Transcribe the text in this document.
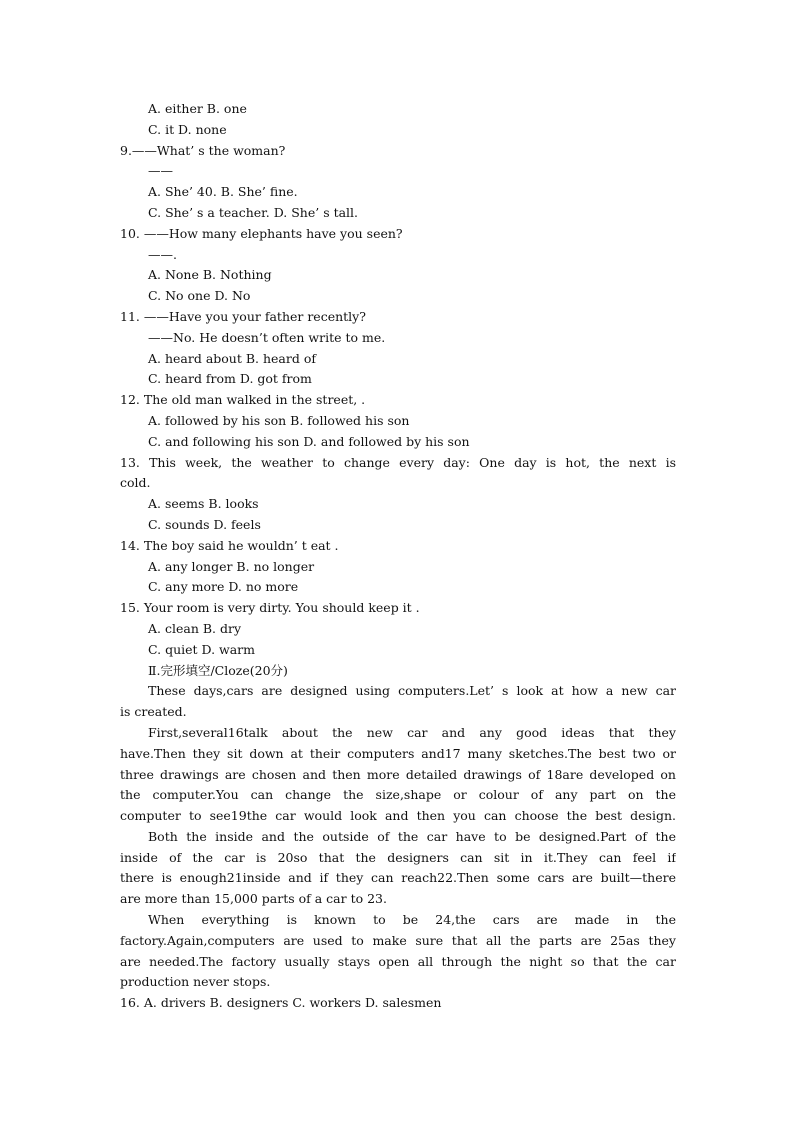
A. either B. one
C. it D. none
9.——What’ s the woman?
——
A. She’ 40. B. She’ fine.
C. She’ s a teacher. D. She’ s tall.
10. ——How many elephants have you seen?
——.
A. None B. Nothing
C. No one D. No
11. ——Have you your father recently?
——No. He doesn’t often write to me.
A. heard about B. heard of
C. heard from D. got from
12. The old man walked in the street, .
A. followed by his son B. followed his son
C. and following his son D. and followed by his son
13. This week, the weather to change every day: One day is hot, the next is
cold.
A. seems B. looks
C. sounds D. feels
14. The boy said he wouldn’ t eat .
A. any longer B. no longer
C. any more D. no more
15. Your room is very dirty. You should keep it .
A. clean B. dry
C. quiet D. warm
Ⅱ.完形填空/Cloze(20分)
These days,cars are designed using computers.Let’ s look at how a new car
is created.
First,several16talk about the new car and any good ideas that they
have.Then they sit down at their computers and17 many sketches.The best two or
three drawings are chosen and then more detailed drawings of 18are developed on
the computer.You can change the size,shape or colour of any part on the
computer to see19the car would look and then you can choose the best design.
Both the inside and the outside of the car have to be designed.Part of the
inside of the car is 20so that the designers can sit in it.They can feel if
there is enough21inside and if they can reach22.Then some cars are built—there
are more than 15,000 parts of a car to 23.
When everything is known to be 24,the cars are made in the
factory.Again,computers are used to make sure that all the parts are 25as they
are needed.The factory usually stays open all through the night so that the car
production never stops.
16. A. drivers B. designers C. workers D. salesmen
